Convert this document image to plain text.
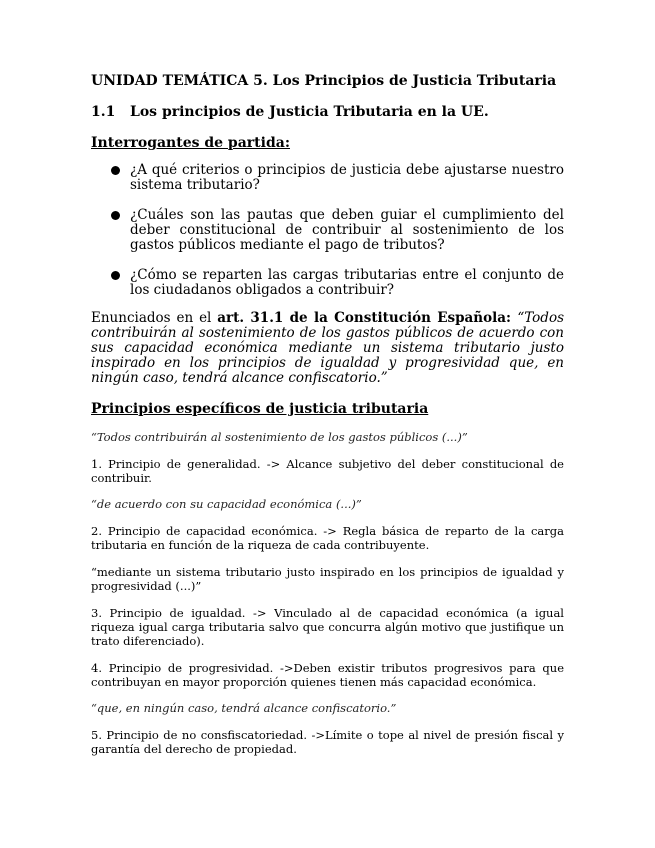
UNIDAD TEMÁTICA 5. Los Principios de Justicia Tributaria

1.1 Los principios de Justicia Tributaria en la UE.

Interrogantes de partida:

¿A qué criterios o principios de justicia debe ajustarse nuestro sistema tributario?
¿Cuáles son las pautas que deben guiar el cumplimiento del deber constitucional de contribuir al sostenimiento de los gastos públicos mediante el pago de tributos?
¿Cómo se reparten las cargas tributarias entre el conjunto de los ciudadanos obligados a contribuir?

Enunciados en el art. 31.1 de la Constitución Española: “Todos contribuirán al sostenimiento de los gastos públicos de acuerdo con sus capacidad económica mediante un sistema tributario justo inspirado en los principios de igualdad y progresividad que, en ningún caso, tendrá alcance confiscatorio.”

Principios específicos de justicia tributaria

“Todos contribuirán al sostenimiento de los gastos públicos (...)”

1. Principio de generalidad. -> Alcance subjetivo del deber constitucional de contribuir.

“de acuerdo con su capacidad económica (...)”

2. Principio de capacidad económica. -> Regla básica de reparto de la carga tributaria en función de la riqueza de cada contribuyente.

“mediante un sistema tributario justo inspirado en los principios de igualdad y progresividad (...)”

3. Principio de igualdad. -> Vinculado al de capacidad económica (a igual riqueza igual carga tributaria salvo que concurra algún motivo que justifique un trato diferenciado).

4. Principio de progresividad. ->Deben existir tributos progresivos para que contribuyan en mayor proporción quienes tienen más capacidad económica.

“que, en ningún caso, tendrá alcance confiscatorio.”

5. Principio de no consfiscatoriedad. ->Límite o tope al nivel de presión fiscal y garantía del derecho de propiedad.
